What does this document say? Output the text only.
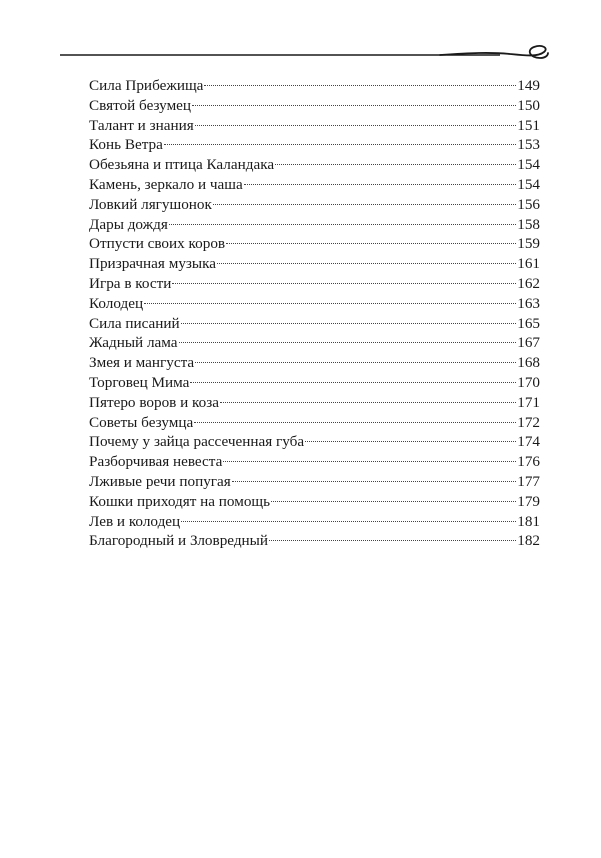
Сила Прибежища	149
Святой безумец	150
Талант и знания	151
Конь Ветра	153
Обезьяна и птица Каландака	154
Камень, зеркало и чаша	154
Ловкий лягушонок	156
Дары дождя	158
Отпусти своих коров	159
Призрачная музыка	161
Игра в кости	162
Колодец	163
Сила писаний	165
Жадный лама	167
Змея и мангуста	168
Торговец Мима	170
Пятеро воров и коза	171
Советы безумца	172
Почему у зайца рассеченная губа	174
Разборчивая невеста	176
Лживые речи попугая	177
Кошки приходят на помощь	179
Лев и колодец	181
Благородный и Зловредный	182
